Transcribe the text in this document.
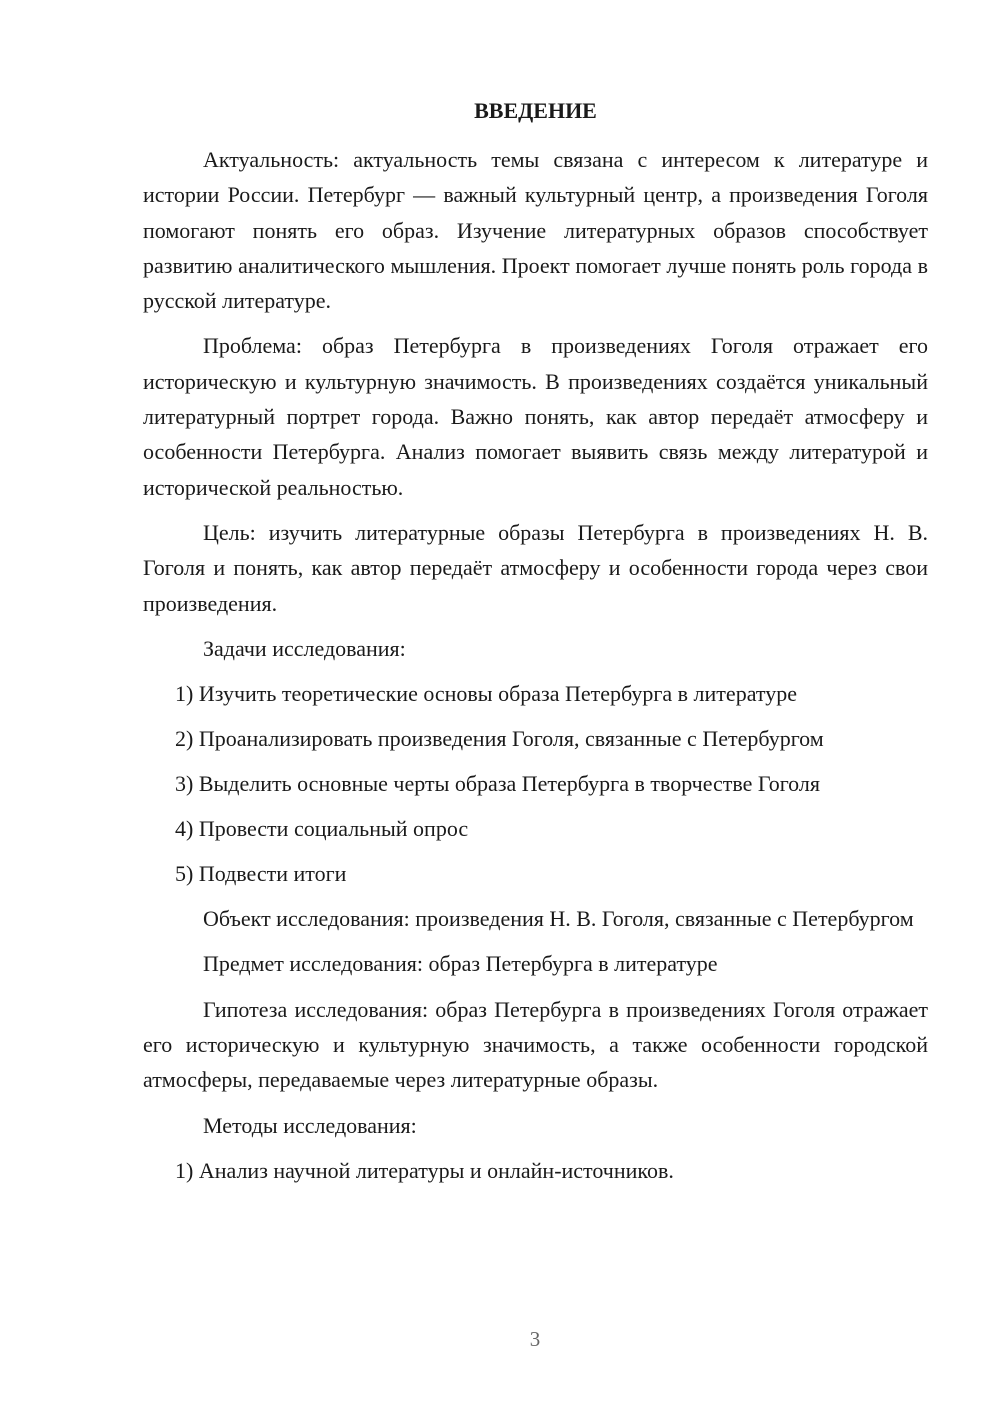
ВВЕДЕНИЕ

Актуальность: актуальность темы связана с интересом к литературе и истории России. Петербург — важный культурный центр, а произведения Гоголя помогают понять его образ. Изучение литературных образов способствует развитию аналитического мышления. Проект помогает лучше понять роль города в русской литературе.

Проблема: образ Петербурга в произведениях Гоголя отражает его историческую и культурную значимость. В произведениях создаётся уникальный литературный портрет города. Важно понять, как автор передаёт атмосферу и особенности Петербурга. Анализ помогает выявить связь между литературой и исторической реальностью.

Цель: изучить литературные образы Петербурга в произведениях Н. В. Гоголя и понять, как автор передаёт атмосферу и особенности города через свои произведения.

Задачи исследования:

1) Изучить теоретические основы образа Петербурга в литературе
2) Проанализировать произведения Гоголя, связанные с Петербургом
3) Выделить основные черты образа Петербурга в творчестве Гоголя
4) Провести социальный опрос
5) Подвести итоги

Объект исследования: произведения Н. В. Гоголя, связанные с Петербургом

Предмет исследования: образ Петербурга в литературе

Гипотеза исследования: образ Петербурга в произведениях Гоголя отражает его историческую и культурную значимость, а также особенности городской атмосферы, передаваемые через литературные образы.

Методы исследования:

1) Анализ научной литературы и онлайн-источников.
3
